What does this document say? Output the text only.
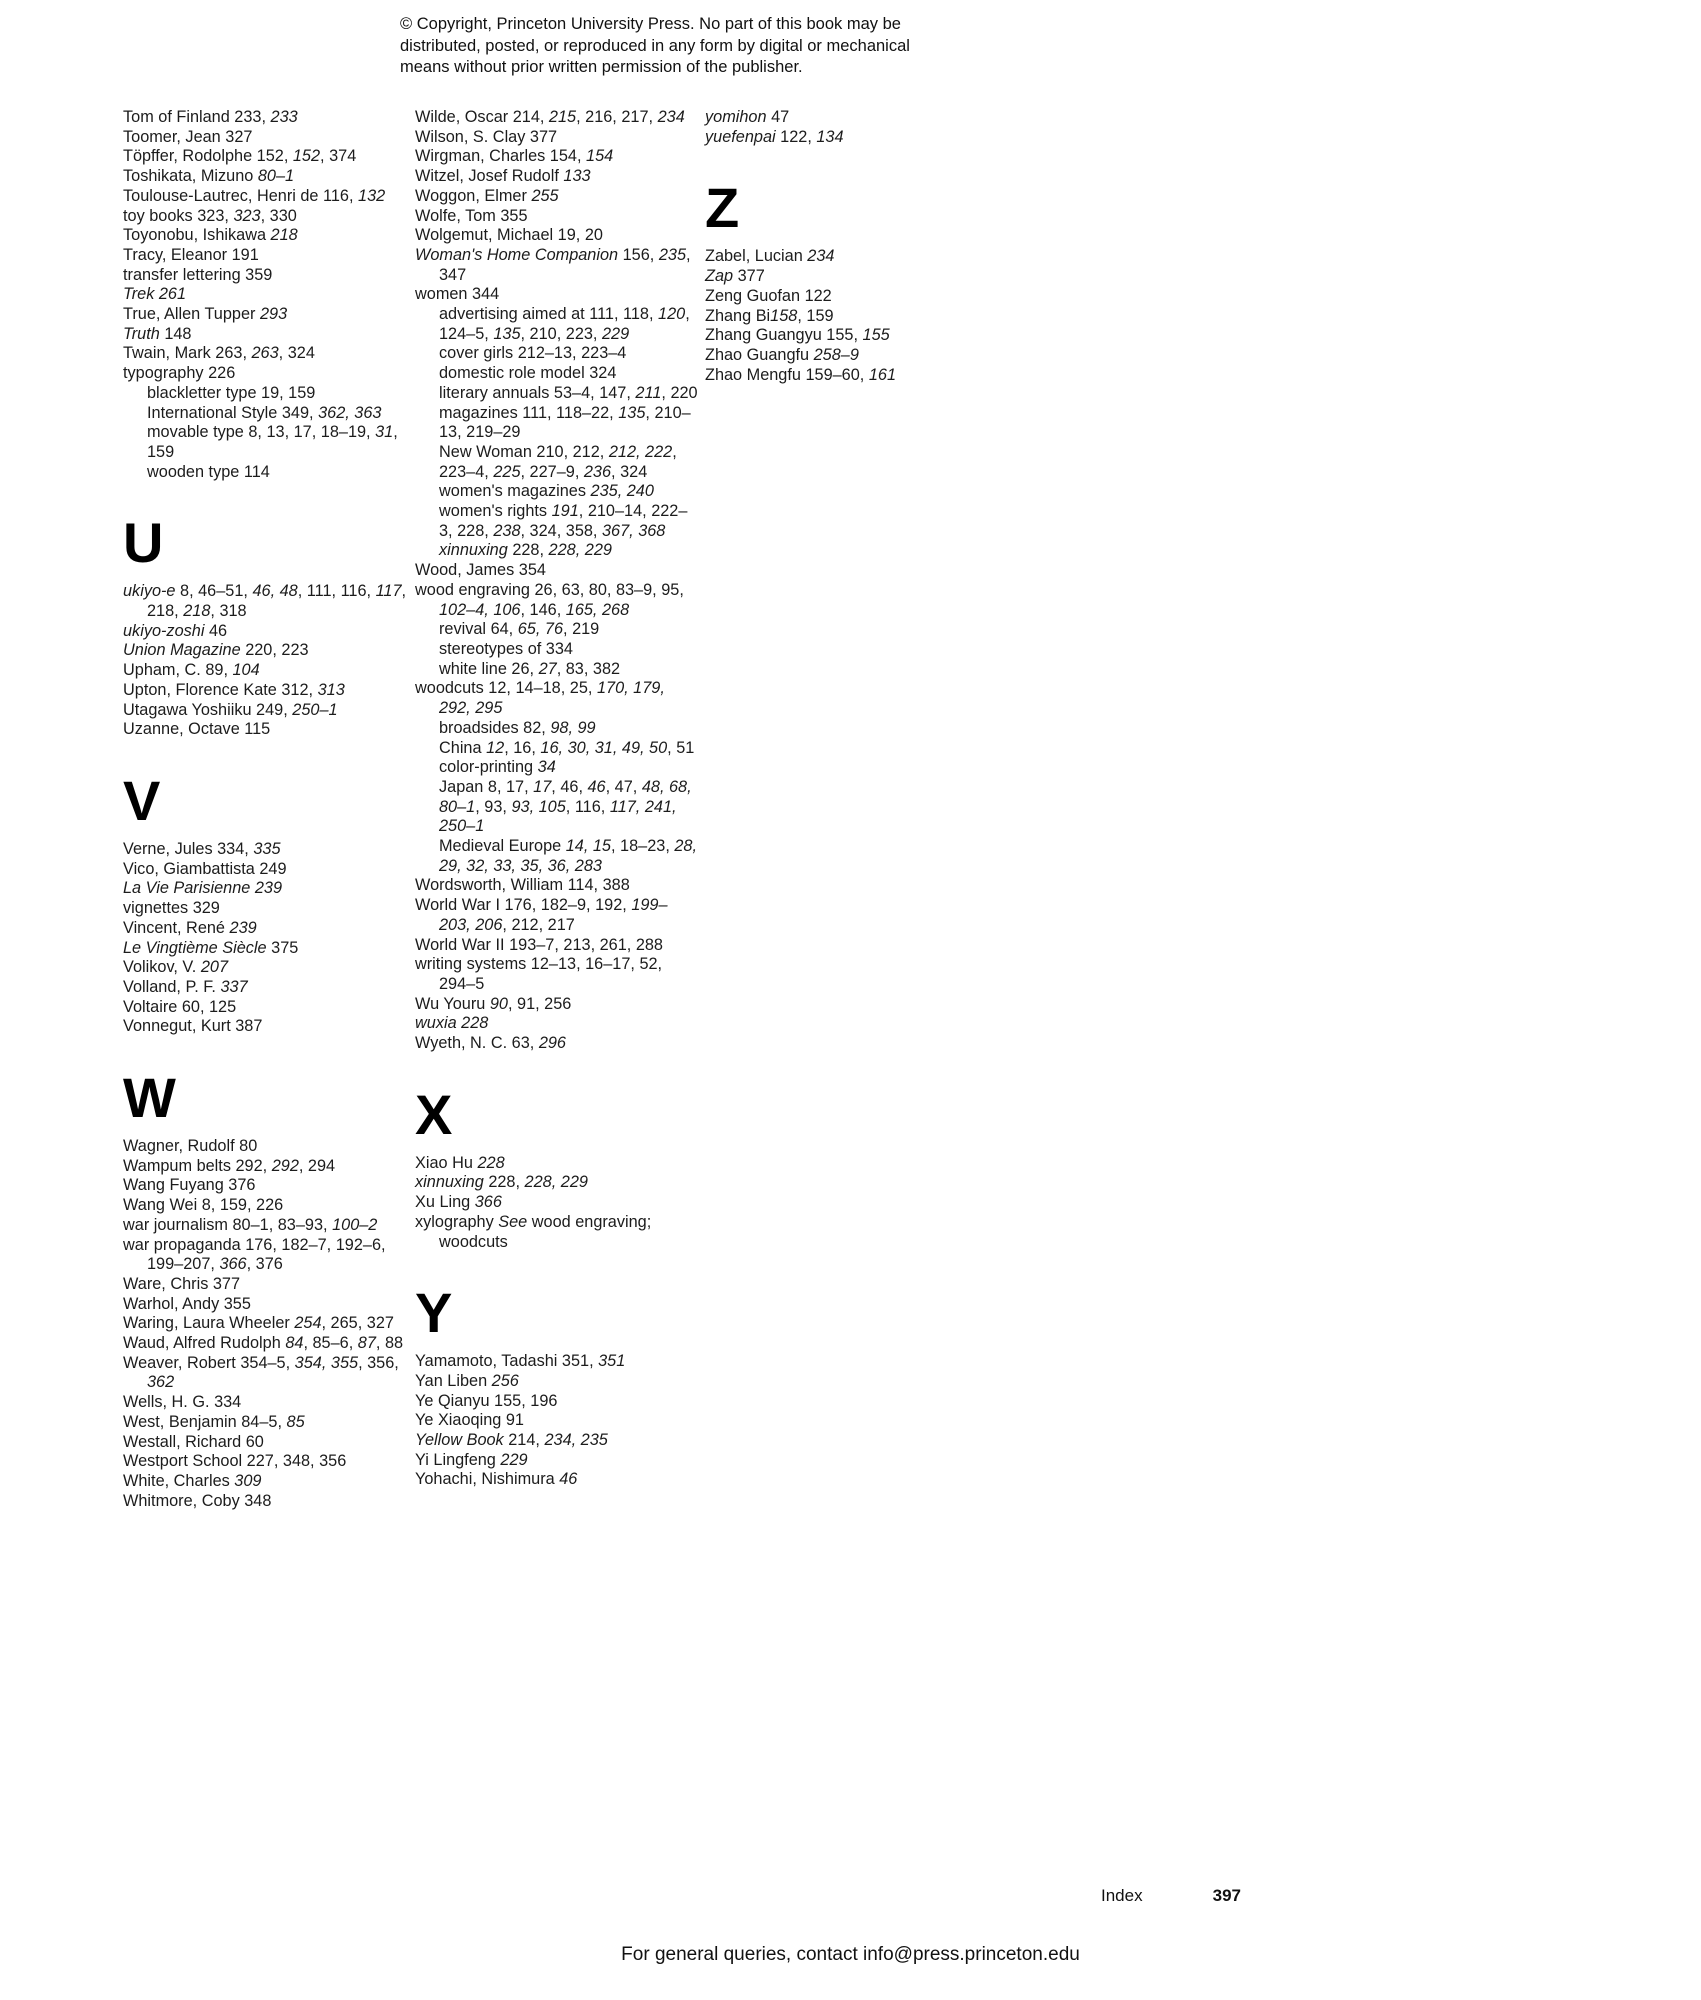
© Copyright, Princeton University Press. No part of this book may be distributed, posted, or reproduced in any form by digital or mechanical means without prior written permission of the publisher.
Tom of Finland 233, 233
Toomer, Jean 327
Töpffer, Rodolphe 152, 152, 374
Toshikata, Mizuno 80–1
Toulouse-Lautrec, Henri de 116, 132
toy books 323, 323, 330
Toyonobu, Ishikawa 218
Tracy, Eleanor 191
transfer lettering 359
Trek 261
True, Allen Tupper 293
Truth 148
Twain, Mark 263, 263, 324
typography 226
blackletter type 19, 159
International Style 349, 362, 363
movable type 8, 13, 17, 18–19, 31, 159
wooden type 114
U
ukiyo-e 8, 46–51, 46, 48, 111, 116, 117, 218, 218, 318
ukiyo-zoshi 46
Union Magazine 220, 223
Upham, C. 89, 104
Upton, Florence Kate 312, 313
Utagawa Yoshiiku 249, 250–1
Uzanne, Octave 115
V
Verne, Jules 334, 335
Vico, Giambattista 249
La Vie Parisienne 239
vignettes 329
Vincent, René 239
Le Vingtième Siècle 375
Volikov, V. 207
Volland, P. F. 337
Voltaire 60, 125
Vonnegut, Kurt 387
W
Wagner, Rudolf 80
Wampum belts 292, 292, 294
Wang Fuyang 376
Wang Wei 8, 159, 226
war journalism 80–1, 83–93, 100–2
war propaganda 176, 182–7, 192–6, 199–207, 366, 376
Ware, Chris 377
Warhol, Andy 355
Waring, Laura Wheeler 254, 265, 327
Waud, Alfred Rudolph 84, 85–6, 87, 88
Weaver, Robert 354–5, 354, 355, 356, 362
Wells, H. G. 334
West, Benjamin 84–5, 85
Westall, Richard 60
Westport School 227, 348, 356
White, Charles 309
Whitmore, Coby 348
Wilde, Oscar 214, 215, 216, 217, 234
Wilson, S. Clay 377
Wirgman, Charles 154, 154
Witzel, Josef Rudolf 133
Woggon, Elmer 255
Wolfe, Tom 355
Wolgemut, Michael 19, 20
Woman's Home Companion 156, 235, 347
women 344
advertising aimed at 111, 118, 120, 124–5, 135, 210, 223, 229
cover girls 212–13, 223–4
domestic role model 324
literary annuals 53–4, 147, 211, 220
magazines 111, 118–22, 135, 210–13, 219–29
New Woman 210, 212, 212, 222, 223–4, 225, 227–9, 236, 324
women's magazines 235, 240
women's rights 191, 210–14, 222–3, 228, 238, 324, 358, 367, 368
xinnuxing 228, 228, 229
Wood, James 354
wood engraving 26, 63, 80, 83–9, 95, 102–4, 106, 146, 165, 268
revival 64, 65, 76, 219
stereotypes of 334
white line 26, 27, 83, 382
woodcuts 12, 14–18, 25, 170, 179, 292, 295
broadsides 82, 98, 99
China 12, 16, 16, 30, 31, 49, 50, 51
color-printing 34
Japan 8, 17, 17, 46, 46, 47, 48, 68, 80–1, 93, 93, 105, 116, 117, 241, 250–1
Medieval Europe 14, 15, 18–23, 28, 29, 32, 33, 35, 36, 283
Wordsworth, William 114, 388
World War I 176, 182–9, 192, 199–203, 206, 212, 217
World War II 193–7, 213, 261, 288
writing systems 12–13, 16–17, 52, 294–5
Wu Youru 90, 91, 256
wuxia 228
Wyeth, N. C. 63, 296
X
Xiao Hu 228
xinnuxing 228, 228, 229
Xu Ling 366
xylography See wood engraving; woodcuts
Y
Yamamoto, Tadashi 351, 351
Yan Liben 256
Ye Qianyu 155, 196
Ye Xiaoqing 91
Yellow Book 214, 234, 235
Yi Lingfeng 229
Yohachi, Nishimura 46
yomihon 47
yuefenpai 122, 134
Z
Zabel, Lucian 234
Zap 377
Zeng Guofan 122
Zhang Bi158, 159
Zhang Guangyu 155, 155
Zhao Guangfu 258–9
Zhao Mengfu 159–60, 161
Index	397
For general queries, contact info@press.princeton.edu
